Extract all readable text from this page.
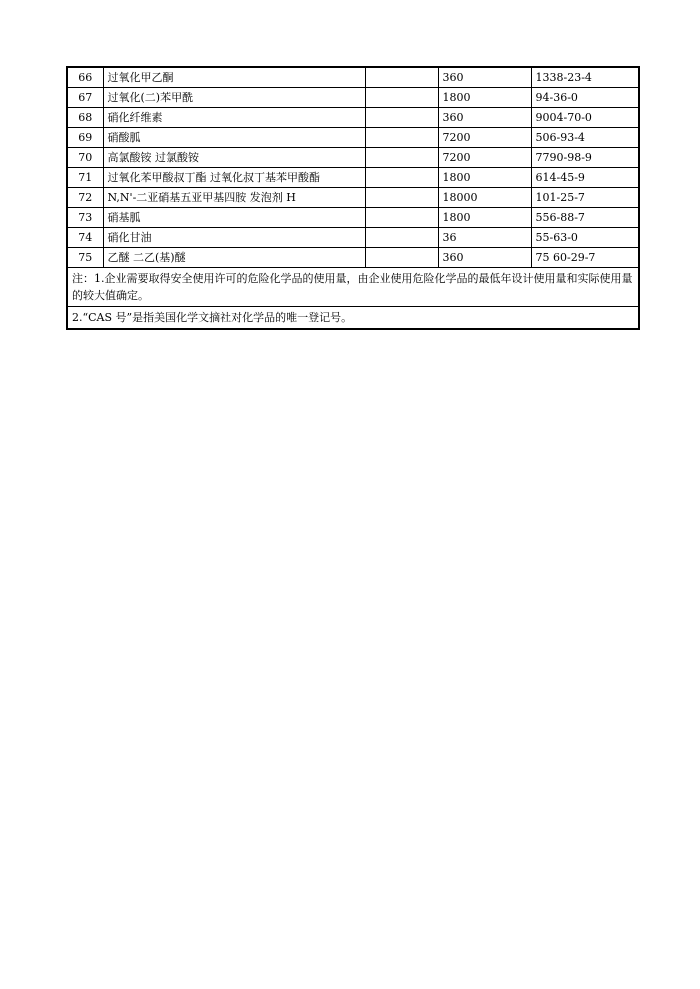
66	过氧化甲乙酮		360	1338-23-4
67	过氧化(二)苯甲酰		1800	94-36-0
68	硝化纤维素		360	9004-70-0
69	硝酸胍		7200	506-93-4
70	高氯酸铵 过氯酸铵		7200	7790-98-9
71	过氧化苯甲酸叔丁酯 过氧化叔丁基苯甲酸酯		1800	614-45-9
72	N,N'-二亚硝基五亚甲基四胺 发泡剂 H		18000	101-25-7
73	硝基胍		1800	556-88-7
74	硝化甘油		36	55-63-0
75	乙醚 二乙(基)醚		360	75 60-29-7
注：1.企业需要取得安全使用许可的危险化学品的使用量，由企业使用危险化学品的最低年设计使用量和实际使用量的较大值确定。				
2.“CAS 号”是指美国化学文摘社对化学品的唯一登记号。				
